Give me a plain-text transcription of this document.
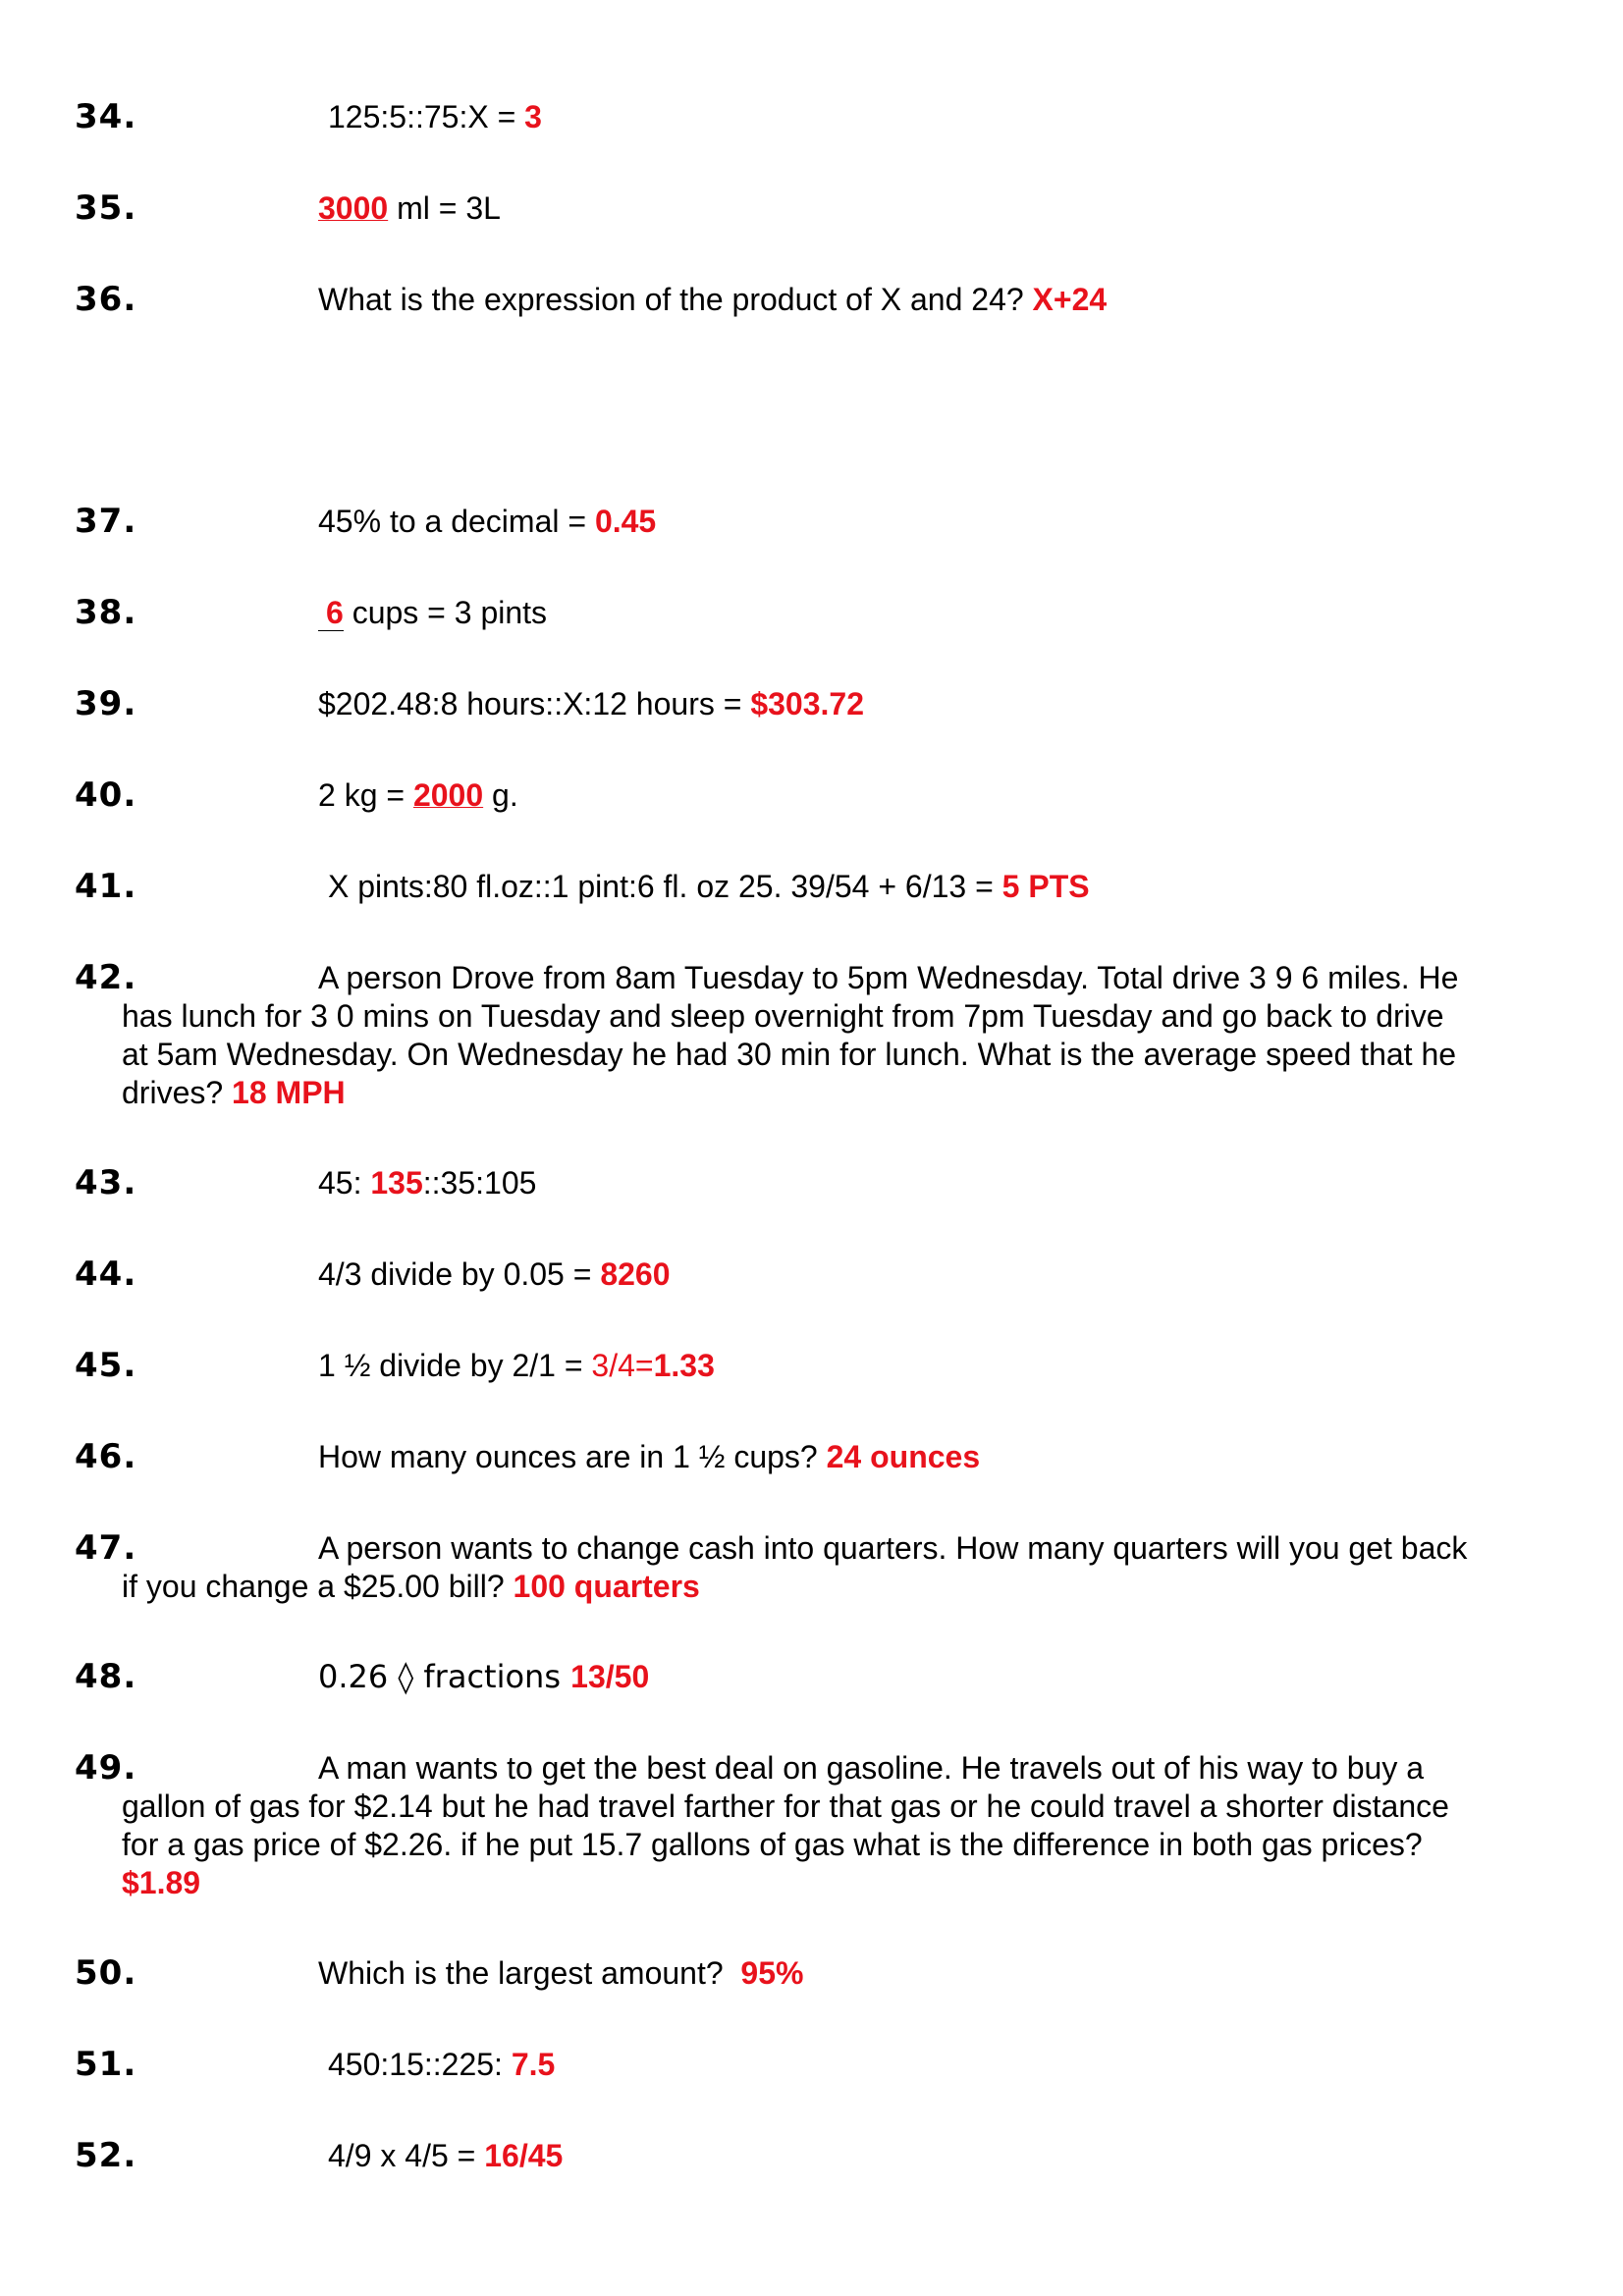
34.	125:5::75:X = 3
35.	3000 ml = 3L
36.	What is the expression of the product of X and 24? X+24
37.	45% to a decimal = 0.45
38.	6 cups = 3 pints
39.	$202.48:8 hours::X:12 hours = $303.72
40.	2 kg = 2000 g.
41.	X pints:80 fl.oz::1 pint:6 fl. oz 25. 39/54 + 6/13 = 5 PTS
42.	A person Drove from 8am Tuesday to 5pm Wednesday. Total drive 3 9 6 miles. He has lunch for 3 0 mins on Tuesday and sleep overnight from 7pm Tuesday and go back to drive at 5am Wednesday. On Wednesday he had 30 min for lunch. What is the average speed that he drives? 18 MPH
43.	45: 135::35:105
44.	4/3 divide by 0.05 = 8260
45.	1 ½ divide by 2/1 = 3/4=1.33
46.	How many ounces are in 1 ½ cups? 24 ounces
47.	A person wants to change cash into quarters. How many quarters will you get back if you change a $25.00 bill? 100 quarters
48.	0.26 ◊ fractions 13/50
49.	A man wants to get the best deal on gasoline. He travels out of his way to buy a gallon of gas for $2.14 but he had travel farther for that gas or he could travel a shorter distance for a gas price of $2.26. if he put 15.7 gallons of gas what is the difference in both gas prices? $1.89
50.	Which is the largest amount?  95%
51.	450:15::225: 7.5
52.	4/9 x 4/5 = 16/45
